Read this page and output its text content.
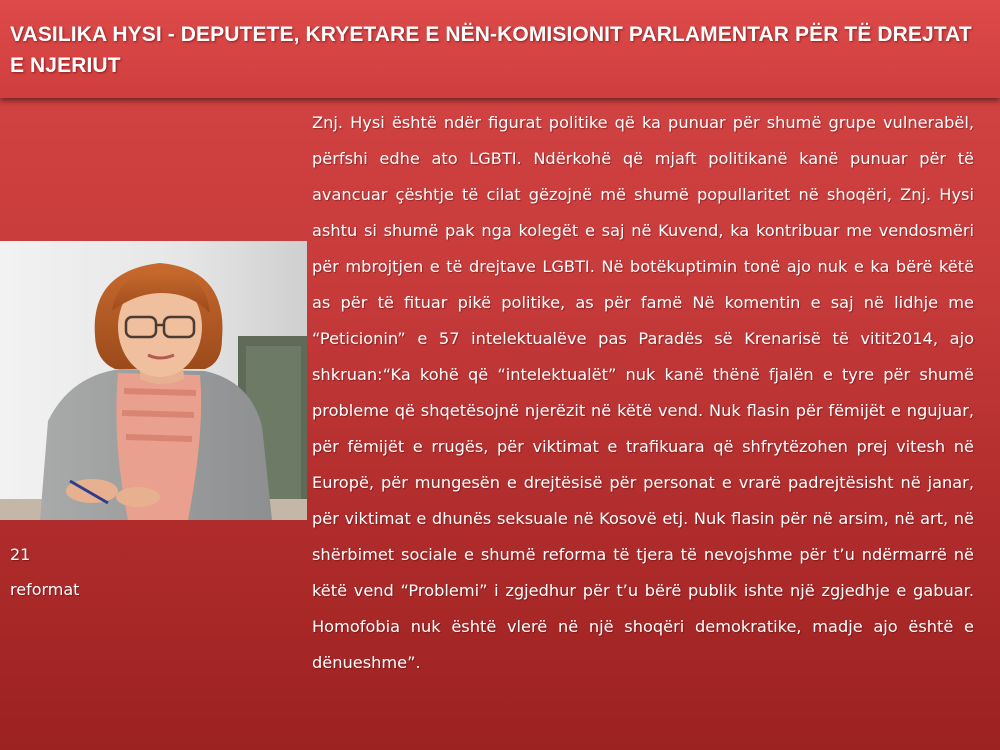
VASILIKA HYSI - DEPUTETE, KRYETARE E NËN-KOMISIONIT PARLAMENTAR PËR TË DREJTAT E NJERIUT
21
reformat

Znj. Hysi është ndër figurat politike që ka punuar për shumë grupe vulnerabël, përfshi edhe ato LGBTI. Ndërkohë që mjaft politikanë kanë punuar për të avancuar çështje të cilat gëzojnë më shumë popullaritet në shoqëri, Znj. Hysi ashtu si shumë pak nga kolegët e saj në Kuvend, ka kontribuar me vendosmëri për mbrojtjen e të drejtave LGBTI. Në botëkuptimin tonë ajo nuk e ka bërë këtë as për të fituar pikë politike, as për famë Në komentin e saj në lidhje me “Peticionin” e 57 intelektualëve pas Paradës së Krenarisë të vitit2014, ajo shkruan:“Ka kohë që “intelektualët” nuk kanë thënë fjalën e tyre për shumë probleme që shqetësojnë njerëzit në këtë vend. Nuk flasin për fëmijët e ngujuar, për fëmijët e rrugës, për viktimat e trafikuara që shfrytëzohen prej vitesh në Europë, për mungesën e drejtësisë për personat e vrarë padrejtësisht në janar, për viktimat e dhunës seksuale në Kosovë etj. Nuk flasin për në arsim, në art, në shërbimet sociale e shumë reforma të tjera të nevojshme për t’u ndërmarrë në këtë vend “Problemi” i zgjedhur për t’u bërë publik ishte një zgjedhje e gabuar. Homofobia nuk është vlerë në një shoqëri demokratike, madje ajo është e dënueshme”.
